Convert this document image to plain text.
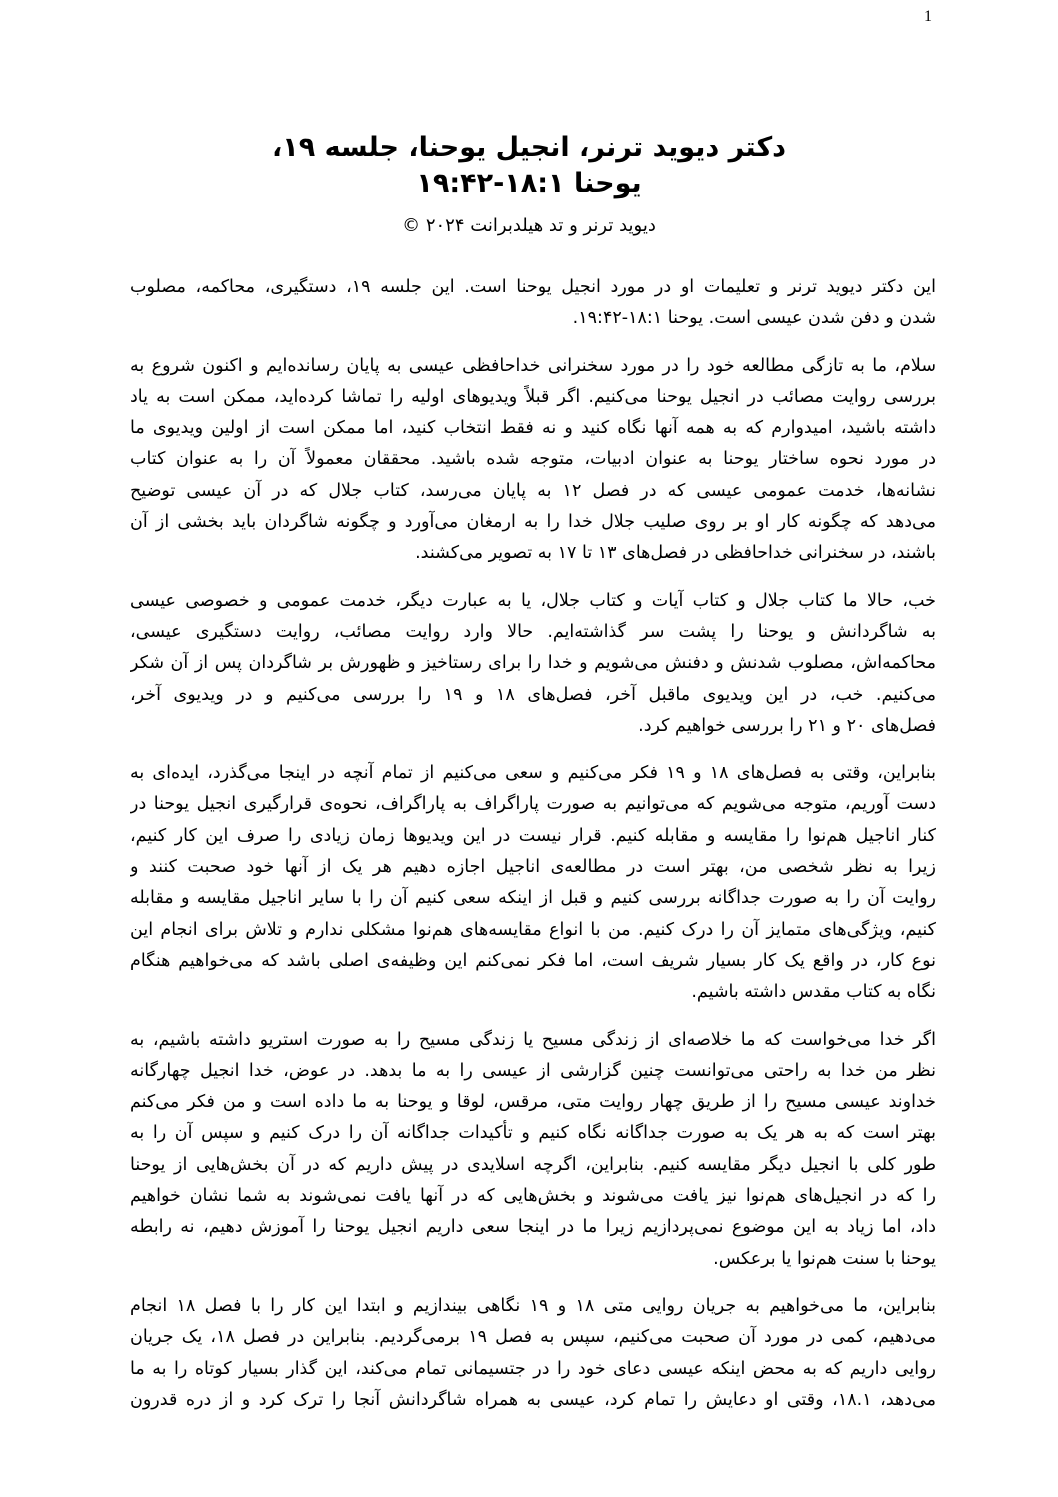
1
دکتر دیوید ترنر، انجیل یوحنا، جلسه ۱۹،
یوحنا ۱۸:۱-۱۹:۴۲
دیوید ترنر و تد هیلدبرانت ۲۰۲۴ ©
این دکتر دیوید ترنر و تعلیمات او در مورد انجیل یوحنا است. این جلسه ۱۹، دستگیری، محاکمه، مصلوب
شدن و دفن شدن عیسی است. یوحنا ۱۸:۱-۱۹:۴۲.
سلام، ما به تازگی مطالعه خود را در مورد سخنرانی خداحافظی عیسی به پایان رسانده‌ایم و اکنون شروع به
بررسی روایت مصائب در انجیل یوحنا می‌کنیم. اگر قبلاً ویدیوهای اولیه را تماشا کرده‌اید، ممکن است به یاد
داشته باشید، امیدوارم که به همه آنها نگاه کنید و نه فقط انتخاب کنید، اما ممکن است از اولین ویدیوی ما
در مورد نحوه ساختار یوحنا به عنوان ادبیات، متوجه شده باشید. محققان معمولاً آن را به عنوان کتاب
نشانه‌ها، خدمت عمومی عیسی که در فصل ۱۲ به پایان می‌رسد، کتاب جلال که در آن عیسی توضیح
می‌دهد که چگونه کار او بر روی صلیب جلال خدا را به ارمغان می‌آورد و چگونه شاگردان باید بخشی از آن
باشند، در سخنرانی خداحافظی در فصل‌های ۱۳ تا ۱۷ به تصویر می‌کشند.
خب، حالا ما کتاب جلال و کتاب آیات و کتاب جلال، یا به عبارت دیگر، خدمت عمومی و خصوصی عیسی
به شاگردانش و یوحنا را پشت سر گذاشته‌ایم. حالا وارد روایت مصائب، روایت دستگیری عیسی،
محاکمه‌اش، مصلوب شدنش و دفنش می‌شویم و خدا را برای رستاخیز و ظهورش بر شاگردان پس از آن شکر
می‌کنیم. خب، در این ویدیوی ماقبل آخر، فصل‌های ۱۸ و ۱۹ را بررسی می‌کنیم و در ویدیوی آخر،
فصل‌های ۲۰ و ۲۱ را بررسی خواهیم کرد.
بنابراین، وقتی به فصل‌های ۱۸ و ۱۹ فکر می‌کنیم و سعی می‌کنیم از تمام آنچه در اینجا می‌گذرد، ایده‌ای به
دست آوریم، متوجه می‌شویم که می‌توانیم به صورت پاراگراف به پاراگراف، نحوه‌ی قرارگیری انجیل یوحنا در
کنار اناجیل هم‌نوا را مقایسه و مقابله کنیم. قرار نیست در این ویدیوها زمان زیادی را صرف این کار کنیم،
زیرا به نظر شخصی من، بهتر است در مطالعه‌ی اناجیل اجازه دهیم هر یک از آنها خود صحبت کنند و
روایت آن را به صورت جداگانه بررسی کنیم و قبل از اینکه سعی کنیم آن را با سایر اناجیل مقایسه و مقابله
کنیم، ویژگی‌های متمایز آن را درک کنیم. من با انواع مقایسه‌های هم‌نوا مشکلی ندارم و تلاش برای انجام این
نوع کار، در واقع یک کار بسیار شریف است، اما فکر نمی‌کنم این وظیفه‌ی اصلی باشد که می‌خواهیم هنگام
نگاه به کتاب مقدس داشته باشیم.
اگر خدا می‌خواست که ما خلاصه‌ای از زندگی مسیح یا زندگی مسیح را به صورت استریو داشته باشیم، به
نظر من خدا به راحتی می‌توانست چنین گزارشی از عیسی را به ما بدهد. در عوض، خدا انجیل چهارگانه
خداوند عیسی مسیح را از طریق چهار روایت متی، مرقس، لوقا و یوحنا به ما داده است و من فکر می‌کنم
بهتر است که به هر یک به صورت جداگانه نگاه کنیم و تأکیدات جداگانه آن را درک کنیم و سپس آن را به
طور کلی با انجیل دیگر مقایسه کنیم. بنابراین، اگرچه اسلایدی در پیش داریم که در آن بخش‌هایی از یوحنا
را که در انجیل‌های هم‌نوا نیز یافت می‌شوند و بخش‌هایی که در آنها یافت نمی‌شوند به شما نشان خواهیم
داد، اما زیاد به این موضوع نمی‌پردازیم زیرا ما در اینجا سعی داریم انجیل یوحنا را آموزش دهیم، نه رابطه
یوحنا با سنت هم‌نوا یا برعکس.
بنابراین، ما می‌خواهیم به جریان روایی متی ۱۸ و ۱۹ نگاهی بیندازیم و ابتدا این کار را با فصل ۱۸ انجام
می‌دهیم، کمی در مورد آن صحبت می‌کنیم، سپس به فصل ۱۹ برمی‌گردیم. بنابراین در فصل ۱۸، یک جریان
روایی داریم که به محض اینکه عیسی دعای خود را در جتسیمانی تمام می‌کند، این گذار بسیار کوتاه را به ما
می‌دهد، ۱۸.۱، وقتی او دعایش را تمام کرد، عیسی به همراه شاگردانش آنجا را ترک کرد و از دره قدرون
